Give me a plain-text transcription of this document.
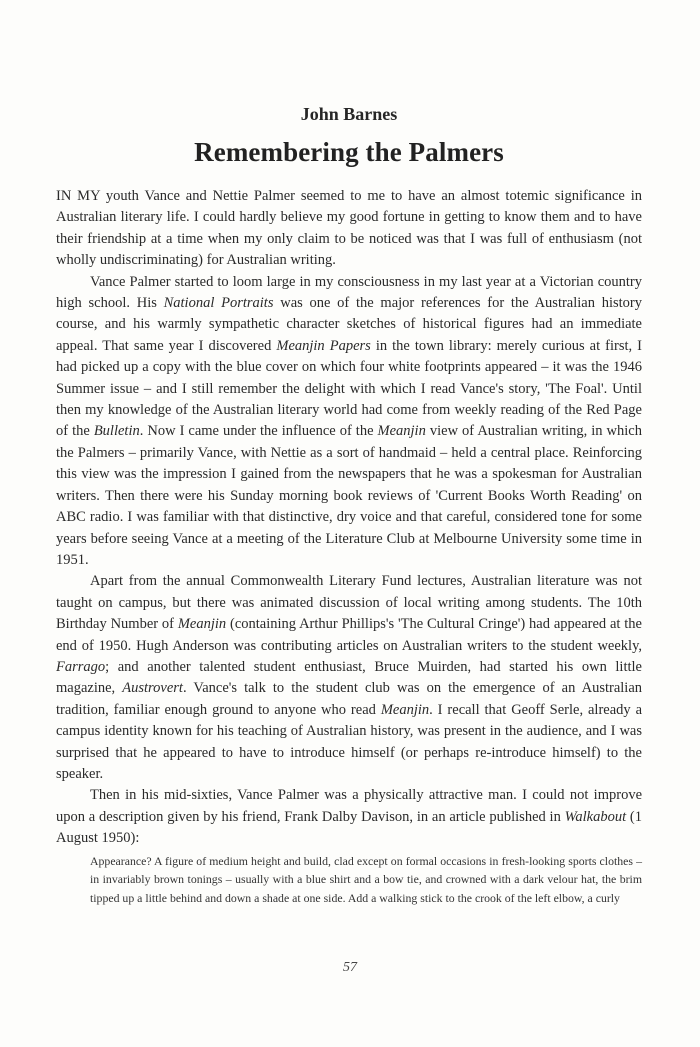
John Barnes
Remembering the Palmers

IN MY youth Vance and Nettie Palmer seemed to me to have an almost totemic significance in Australian literary life. I could hardly believe my good fortune in getting to know them and to have their friendship at a time when my only claim to be noticed was that I was full of enthusiasm (not wholly undiscriminating) for Australian writing.

Vance Palmer started to loom large in my consciousness in my last year at a Victorian country high school. His National Portraits was one of the major references for the Australian history course, and his warmly sympathetic character sketches of historical figures had an immediate appeal. That same year I discovered Meanjin Papers in the town library: merely curious at first, I had picked up a copy with the blue cover on which four white footprints appeared – it was the 1946 Summer issue – and I still remember the delight with which I read Vance's story, 'The Foal'. Until then my knowledge of the Australian literary world had come from weekly reading of the Red Page of the Bulletin. Now I came under the influence of the Meanjin view of Australian writing, in which the Palmers – primarily Vance, with Nettie as a sort of handmaid – held a central place. Reinforcing this view was the impression I gained from the newspapers that he was a spokesman for Australian writers. Then there were his Sunday morning book reviews of 'Current Books Worth Reading' on ABC radio. I was familiar with that distinctive, dry voice and that careful, considered tone for some years before seeing Vance at a meeting of the Literature Club at Melbourne University some time in 1951.

Apart from the annual Commonwealth Literary Fund lectures, Australian literature was not taught on campus, but there was animated discussion of local writing among students. The 10th Birthday Number of Meanjin (containing Arthur Phillips's 'The Cultural Cringe') had appeared at the end of 1950. Hugh Anderson was contributing articles on Australian writers to the student weekly, Farrago; and another talented student enthusiast, Bruce Muirden, had started his own little magazine, Austrovert. Vance's talk to the student club was on the emergence of an Australian tradition, familiar enough ground to anyone who read Meanjin. I recall that Geoff Serle, already a campus identity known for his teaching of Australian history, was present in the audience, and I was surprised that he appeared to have to introduce himself (or perhaps re-introduce himself) to the speaker.

Then in his mid-sixties, Vance Palmer was a physically attractive man. I could not improve upon a description given by his friend, Frank Dalby Davison, in an article published in Walkabout (1 August 1950):

Appearance? A figure of medium height and build, clad except on formal occasions in fresh-looking sports clothes – in invariably brown tonings – usually with a blue shirt and a bow tie, and crowned with a dark velour hat, the brim tipped up a little behind and down a shade at one side. Add a walking stick to the crook of the left elbow, a curly
57
